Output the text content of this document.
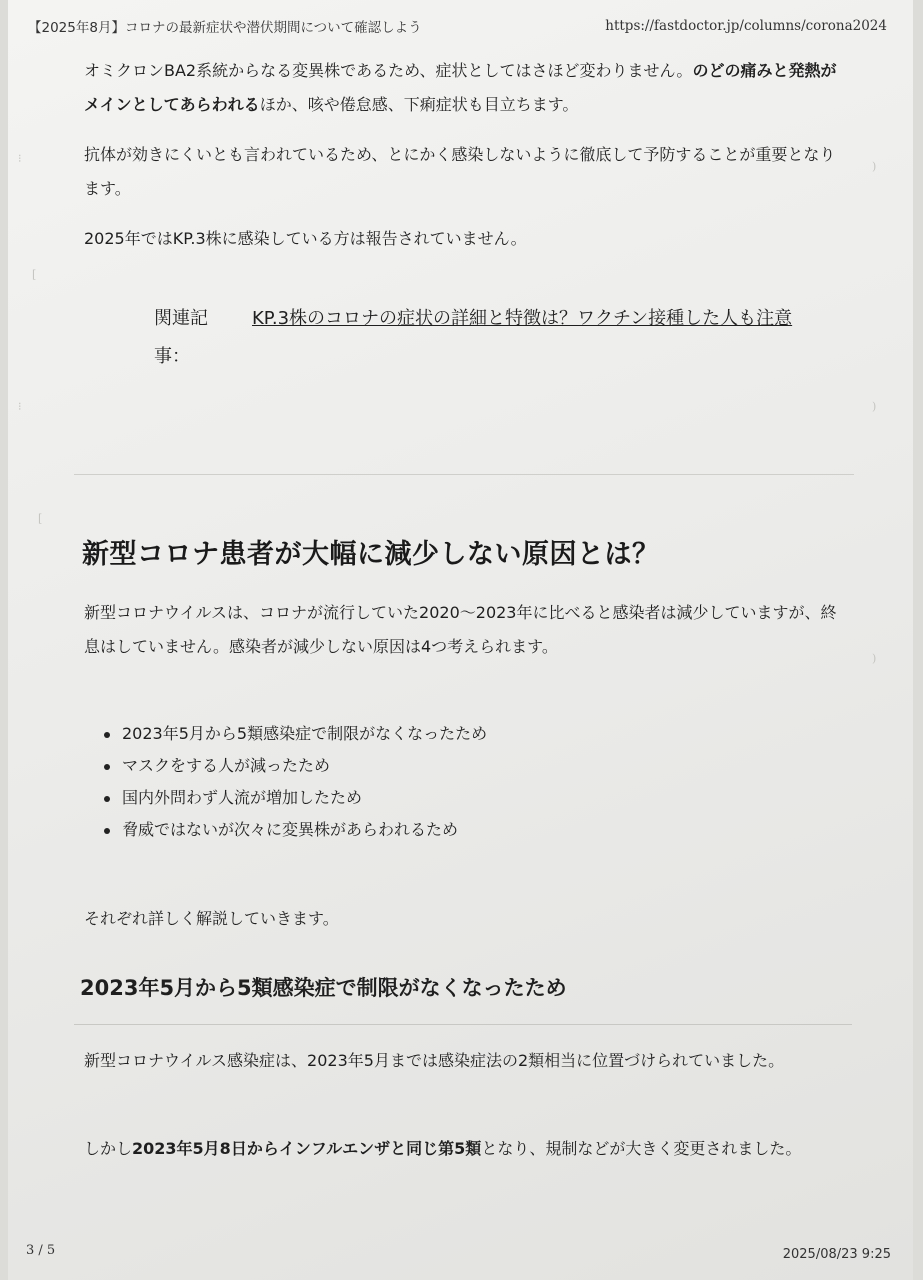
【2025年8月】コロナの最新症状や潜伏期間について確認しよう	https://fastdoctor.jp/columns/corona2024
⁝
[
⁝
[
)
)
)
オミクロンBA2系統からなる変異株であるため、症状としてはさほど変わりません。のどの痛みと発熱がメインとしてあらわれるほか、咳や倦怠感、下痢症状も目立ちます。
抗体が効きにくいとも言われているため、とにかく感染しないように徹底して予防することが重要となります。
2025年ではKP.3株に感染している方は報告されていません。
関連記事：
KP.3株のコロナの症状の詳細と特徴は？ワクチン接種した人も注意
新型コロナ患者が大幅に減少しない原因とは？
新型コロナウイルスは、コロナが流行していた2020〜2023年に比べると感染者は減少していますが、終息はしていません。感染者が減少しない原因は4つ考えられます。
2023年5月から5類感染症で制限がなくなったため
マスクをする人が減ったため
国内外問わず人流が増加したため
脅威ではないが次々に変異株があらわれるため
それぞれ詳しく解説していきます。
2023年5月から5類感染症で制限がなくなったため
新型コロナウイルス感染症は、2023年5月までは感染症法の2類相当に位置づけられていました。
しかし2023年5月8日からインフルエンザと同じ第5類となり、規制などが大きく変更されました。
3 / 5	2025/08/23 9:25
